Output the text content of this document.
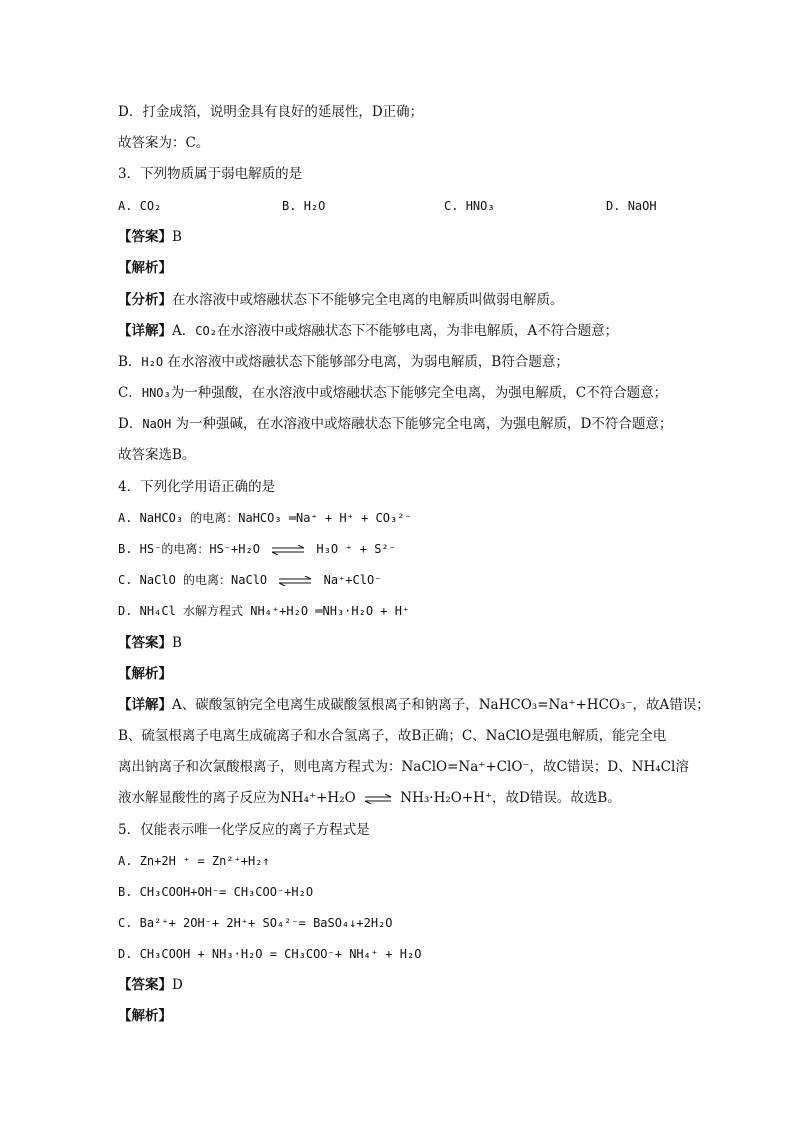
D．打金成箔，说明金具有良好的延展性，D正确；
故答案为：C。
3．下列物质属于弱电解质的是
A. CO₂	B. H₂O	C. HNO₃	D. NaOH
【答案】B
【解析】
【分析】在水溶液中或熔融状态下不能够完全电离的电解质叫做弱电解质。
【详解】A．CO₂在水溶液中或熔融状态下不能够电离，为非电解质，A不符合题意；
B．H₂O 在水溶液中或熔融状态下能够部分电离，为弱电解质，B符合题意；
C．HNO₃为一种强酸，在水溶液中或熔融状态下能够完全电离，为强电解质，C不符合题意；
D．NaOH 为一种强碱，在水溶液中或熔融状态下能够完全电离，为强电解质，D不符合题意；
故答案选B。
4．下列化学用语正确的是
A. NaHCO₃ 的电离：NaHCO₃ ═Na⁺ + H⁺ + CO₃²⁻
B. HS⁻的电离：HS⁻+H₂O ⇌ H₃O ⁺ + S²⁻
C. NaClO 的电离：NaClO ⇌ Na⁺+ClO⁻
D. NH₄Cl 水解方程式 NH₄⁺+H₂O ═NH₃·H₂O + H⁺
【答案】B
【解析】
【详解】A、碳酸氢钠完全电离生成碳酸氢根离子和钠离子，NaHCO₃=Na⁺+HCO₃⁻，故A错误；
B、硫氢根离子电离生成硫离子和水合氢离子，故B正确；C、NaClO是强电解质，能完全电
离出钠离子和次氯酸根离子，则电离方程式为：NaClO=Na⁺+ClO⁻，故C错误；D、NH₄Cl溶
液水解显酸性的离子反应为NH₄⁺+H₂O ⇌ NH₃·H₂O+H⁺，故D错误。故选B。
5．仅能表示唯一化学反应的离子方程式是
A. Zn+2H ⁺ = Zn²⁺+H₂↑
B. CH₃COOH+OH⁻= CH₃COO⁻+H₂O
C. Ba²⁺+ 2OH⁻+ 2H⁺+ SO₄²⁻= BaSO₄↓+2H₂O
D. CH₃COOH + NH₃·H₂O = CH₃COO⁻+ NH₄⁺ + H₂O
【答案】D
【解析】
